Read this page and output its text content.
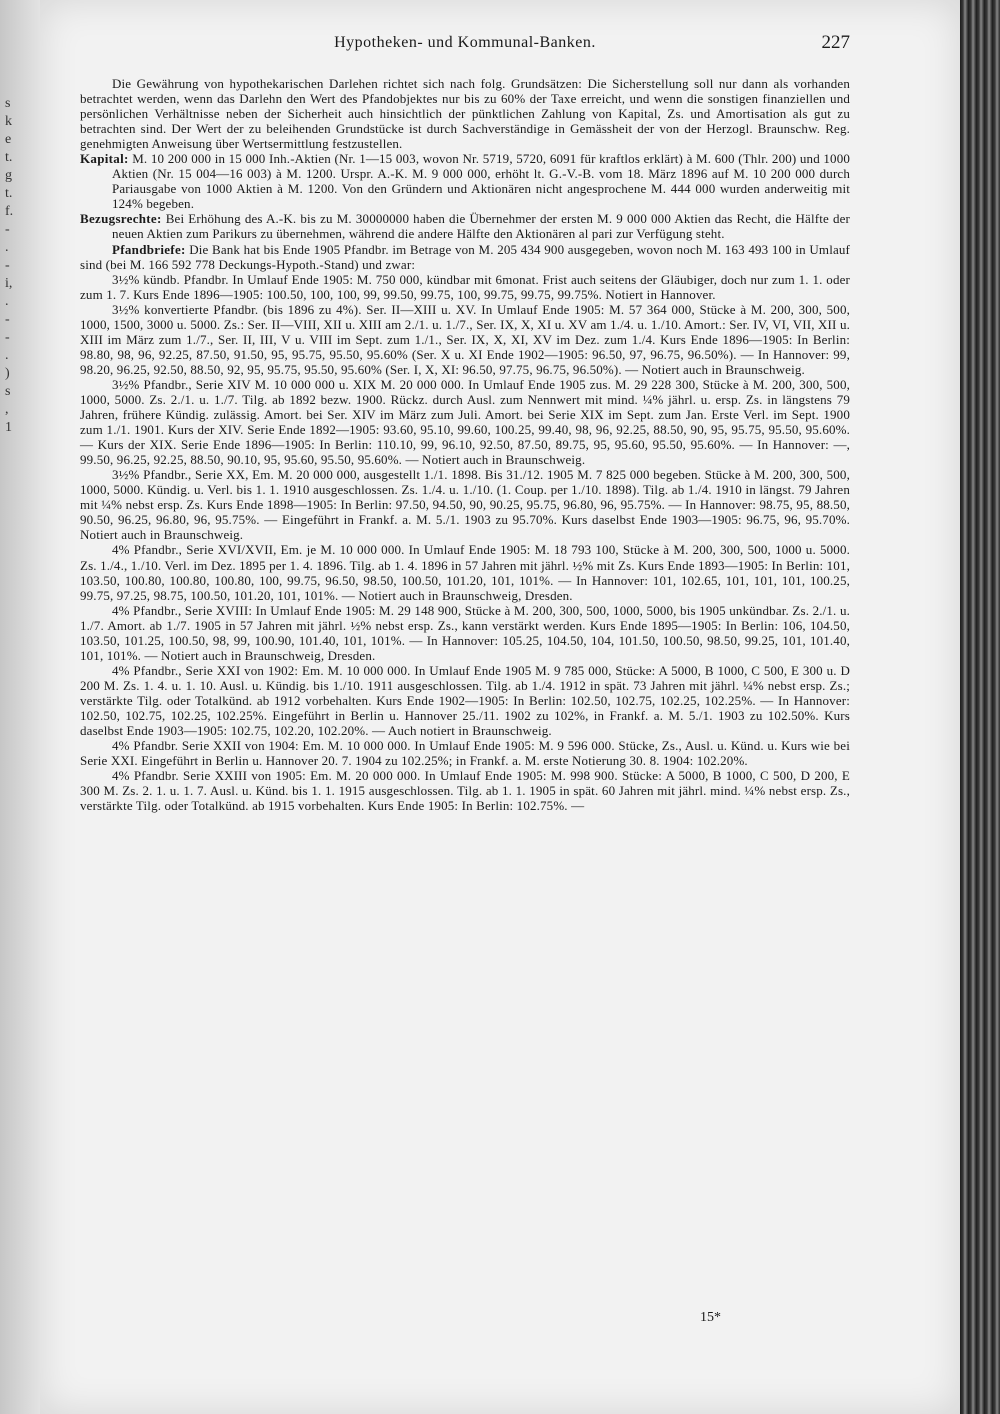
s
k
e
t.
g
t.
f.
-
.
-
i,
.
-
-
.
)
s
,
1
Hypotheken- und Kommunal-Banken.	227

Die Gewährung von hypothekarischen Darlehen richtet sich nach folg. Grundsätzen: Die Sicherstellung soll nur dann als vorhanden betrachtet werden, wenn das Darlehn den Wert des Pfandobjektes nur bis zu 60% der Taxe erreicht, und wenn die sonstigen finanziellen und persönlichen Verhältnisse neben der Sicherheit auch hinsichtlich der pünktlichen Zahlung von Kapital, Zs. und Amortisation als gut zu betrachten sind. Der Wert der zu beleihenden Grundstücke ist durch Sachverständige in Gemässheit der von der Herzogl. Braunschw. Reg. genehmigten Anweisung über Wertsermittlung festzustellen.

Kapital: M. 10 200 000 in 15 000 Inh.-Aktien (Nr. 1—15 003, wovon Nr. 5719, 5720, 6091 für kraftlos erklärt) à M. 600 (Thlr. 200) und 1000 Aktien (Nr. 15 004—16 003) à M. 1200. Urspr. A.-K. M. 9 000 000, erhöht lt. G.-V.-B. vom 18. März 1896 auf M. 10 200 000 durch Pariausgabe von 1000 Aktien à M. 1200. Von den Gründern und Aktionären nicht angesprochene M. 444 000 wurden anderweitig mit 124% begeben.

Bezugsrechte: Bei Erhöhung des A.-K. bis zu M. 30000000 haben die Übernehmer der ersten M. 9 000 000 Aktien das Recht, die Hälfte der neuen Aktien zum Parikurs zu übernehmen, während die andere Hälfte den Aktionären al pari zur Verfügung steht.

Pfandbriefe: Die Bank hat bis Ende 1905 Pfandbr. im Betrage von M. 205 434 900 ausgegeben, wovon noch M. 163 493 100 in Umlauf sind (bei M. 166 592 778 Deckungs-Hypoth.-Stand) und zwar:

3½% kündb. Pfandbr. In Umlauf Ende 1905: M. 750 000, kündbar mit 6monat. Frist auch seitens der Gläubiger, doch nur zum 1. 1. oder zum 1. 7. Kurs Ende 1896—1905: 100.50, 100, 100, 99, 99.50, 99.75, 100, 99.75, 99.75, 99.75%. Notiert in Hannover.

3½% konvertierte Pfandbr. (bis 1896 zu 4%). Ser. II—XIII u. XV. In Umlauf Ende 1905: M. 57 364 000, Stücke à M. 200, 300, 500, 1000, 1500, 3000 u. 5000. Zs.: Ser. II—VIII, XII u. XIII am 2./1. u. 1./7., Ser. IX, X, XI u. XV am 1./4. u. 1./10. Amort.: Ser. IV, VI, VII, XII u. XIII im März zum 1./7., Ser. II, III, V u. VIII im Sept. zum 1./1., Ser. IX, X, XI, XV im Dez. zum 1./4. Kurs Ende 1896—1905: In Berlin: 98.80, 98, 96, 92.25, 87.50, 91.50, 95, 95.75, 95.50, 95.60% (Ser. X u. XI Ende 1902—1905: 96.50, 97, 96.75, 96.50%). — In Hannover: 99, 98.20, 96.25, 92.50, 88.50, 92, 95, 95.75, 95.50, 95.60% (Ser. I, X, XI: 96.50, 97.75, 96.75, 96.50%). — Notiert auch in Braunschweig.

3½% Pfandbr., Serie XIV M. 10 000 000 u. XIX M. 20 000 000. In Umlauf Ende 1905 zus. M. 29 228 300, Stücke à M. 200, 300, 500, 1000, 5000. Zs. 2./1. u. 1./7. Tilg. ab 1892 bezw. 1900. Rückz. durch Ausl. zum Nennwert mit mind. ¼% jährl. u. ersp. Zs. in längstens 79 Jahren, frühere Kündig. zulässig. Amort. bei Ser. XIV im März zum Juli. Amort. bei Serie XIX im Sept. zum Jan. Erste Verl. im Sept. 1900 zum 1./1. 1901. Kurs der XIV. Serie Ende 1892—1905: 93.60, 95.10, 99.60, 100.25, 99.40, 98, 96, 92.25, 88.50, 90, 95, 95.75, 95.50, 95.60%. — Kurs der XIX. Serie Ende 1896—1905: In Berlin: 110.10, 99, 96.10, 92.50, 87.50, 89.75, 95, 95.60, 95.50, 95.60%. — In Hannover: —, 99.50, 96.25, 92.25, 88.50, 90.10, 95, 95.60, 95.50, 95.60%. — Notiert auch in Braunschweig.

3½% Pfandbr., Serie XX, Em. M. 20 000 000, ausgestellt 1./1. 1898. Bis 31./12. 1905 M. 7 825 000 begeben. Stücke à M. 200, 300, 500, 1000, 5000. Kündig. u. Verl. bis 1. 1. 1910 ausgeschlossen. Zs. 1./4. u. 1./10. (1. Coup. per 1./10. 1898). Tilg. ab 1./4. 1910 in längst. 79 Jahren mit ¼% nebst ersp. Zs. Kurs Ende 1898—1905: In Berlin: 97.50, 94.50, 90, 90.25, 95.75, 96.80, 96, 95.75%. — In Hannover: 98.75, 95, 88.50, 90.50, 96.25, 96.80, 96, 95.75%. — Eingeführt in Frankf. a. M. 5./1. 1903 zu 95.70%. Kurs daselbst Ende 1903—1905: 96.75, 96, 95.70%. Notiert auch in Braunschweig.

4% Pfandbr., Serie XVI/XVII, Em. je M. 10 000 000. In Umlauf Ende 1905: M. 18 793 100, Stücke à M. 200, 300, 500, 1000 u. 5000. Zs. 1./4., 1./10. Verl. im Dez. 1895 per 1. 4. 1896. Tilg. ab 1. 4. 1896 in 57 Jahren mit jährl. ½% mit Zs. Kurs Ende 1893—1905: In Berlin: 101, 103.50, 100.80, 100.80, 100.80, 100, 99.75, 96.50, 98.50, 100.50, 101.20, 101, 101%. — In Hannover: 101, 102.65, 101, 101, 101, 100.25, 99.75, 97.25, 98.75, 100.50, 101.20, 101, 101%. — Notiert auch in Braunschweig, Dresden.

4% Pfandbr., Serie XVIII: In Umlauf Ende 1905: M. 29 148 900, Stücke à M. 200, 300, 500, 1000, 5000, bis 1905 unkündbar. Zs. 2./1. u. 1./7. Amort. ab 1./7. 1905 in 57 Jahren mit jährl. ½% nebst ersp. Zs., kann verstärkt werden. Kurs Ende 1895—1905: In Berlin: 106, 104.50, 103.50, 101.25, 100.50, 98, 99, 100.90, 101.40, 101, 101%. — In Hannover: 105.25, 104.50, 104, 101.50, 100.50, 98.50, 99.25, 101, 101.40, 101, 101%. — Notiert auch in Braunschweig, Dresden.

4% Pfandbr., Serie XXI von 1902: Em. M. 10 000 000. In Umlauf Ende 1905 M. 9 785 000, Stücke: A 5000, B 1000, C 500, E 300 u. D 200 M. Zs. 1. 4. u. 1. 10. Ausl. u. Kündig. bis 1./10. 1911 ausgeschlossen. Tilg. ab 1./4. 1912 in spät. 73 Jahren mit jährl. ¼% nebst ersp. Zs.; verstärkte Tilg. oder Totalkünd. ab 1912 vorbehalten. Kurs Ende 1902—1905: In Berlin: 102.50, 102.75, 102.25, 102.25%. — In Hannover: 102.50, 102.75, 102.25, 102.25%. Eingeführt in Berlin u. Hannover 25./11. 1902 zu 102%, in Frankf. a. M. 5./1. 1903 zu 102.50%. Kurs daselbst Ende 1903—1905: 102.75, 102.20, 102.20%. — Auch notiert in Braunschweig.

4% Pfandbr. Serie XXII von 1904: Em. M. 10 000 000. In Umlauf Ende 1905: M. 9 596 000. Stücke, Zs., Ausl. u. Künd. u. Kurs wie bei Serie XXI. Eingeführt in Berlin u. Hannover 20. 7. 1904 zu 102.25%; in Frankf. a. M. erste Notierung 30. 8. 1904: 102.20%.

4% Pfandbr. Serie XXIII von 1905: Em. M. 20 000 000. In Umlauf Ende 1905: M. 998 900. Stücke: A 5000, B 1000, C 500, D 200, E 300 M. Zs. 2. 1. u. 1. 7. Ausl. u. Künd. bis 1. 1. 1915 ausgeschlossen. Tilg. ab 1. 1. 1905 in spät. 60 Jahren mit jährl. mind. ¼% nebst ersp. Zs., verstärkte Tilg. oder Totalkünd. ab 1915 vorbehalten. Kurs Ende 1905: In Berlin: 102.75%. —

15*
